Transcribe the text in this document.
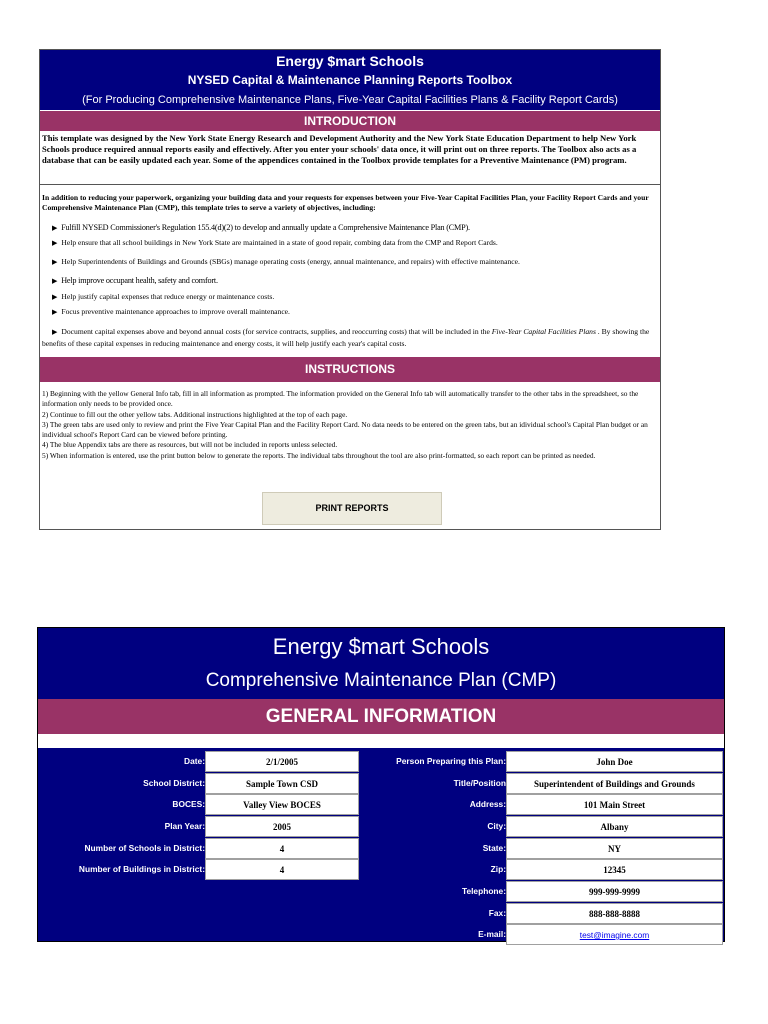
Energy $mart Schools
NYSED Capital & Maintenance Planning Reports Toolbox
(For Producing Comprehensive Maintenance Plans, Five-Year Capital Facilities Plans & Facility Report Cards)
INTRODUCTION
This template was designed by the New York State Energy Research and Development Authority and the New York State Education Department to help New York Schools produce required annual reports easily and effectively. After you enter your schools' data once, it will print out on three reports. The Toolbox also acts as a database that can be easily updated each year. Some of the appendices contained in the Toolbox provide templates for a Preventive Maintenance (PM) program.
In addition to reducing your paperwork, organizing your building data and your requests for expenses between your Five-Year Capital Facilities Plan, your Facility Report Cards and your Comprehensive Maintenance Plan (CMP), this template tries to serve a variety of objectives, including:
▶ Fulfill NYSED Commissioner's Regulation 155.4(d)(2) to develop and annually update a Comprehensive Maintenance Plan (CMP).
▶ Help ensure that all school buildings in New York State are maintained in a state of good repair, combing data from the CMP and Report Cards.
▶ Help Superintendents of Buildings and Grounds (SBGs) manage operating costs (energy, annual maintenance, and repairs) with effective maintenance.
▶ Help improve occupant health, safety and comfort.
▶ Help justify capital expenses that reduce energy or maintenance costs.
▶ Focus preventive maintenance approaches to improve overall maintenance.
▶ Document capital expenses above and beyond annual costs (for service contracts, supplies, and reoccurring costs) that will be included in the Five-Year Capital Facilities Plans . By showing the benefits of these capital expenses in reducing maintenance and energy costs, it will help justify each year's capital costs.
INSTRUCTIONS
1) Beginning with the yellow General Info tab, fill in all information as prompted. The information provided on the General Info tab will automatically transfer to the other tabs in the spreadsheet, so the information only needs to be provided once.
2) Continue to fill out the other yellow tabs. Additional instructions highlighted at the top of each page.
3) The green tabs are used only to review and print the Five Year Capital Plan and the Facility Report Card. No data needs to be entered on the green tabs, but an idividual school's Capital Plan budget or an individual school's Report Card can be viewed before printing.
4) The blue Appendix tabs are there as resources, but will not be included in reports unless selected.
5) When information is entered, use the print button below to generate the reports. The individual tabs throughout the tool are also print-formatted, so each report can be printed as needed.
PRINT REPORTS
Energy $mart Schools
Comprehensive Maintenance Plan (CMP)
GENERAL INFORMATION
Date:	2/1/2005
School District:	Sample Town CSD
BOCES:	Valley View BOCES
Plan Year:	2005
Number of Schools in District:	4
Number of Buildings in District:	4
Person Preparing this Plan:	John Doe
Title/Position	Superintendent of Buildings and Grounds
Address:	101 Main Street
City:	Albany
State:	NY
Zip:	12345
Telephone:	999-999-9999
Fax:	888-888-8888
E-mail:	test@imagine.com
